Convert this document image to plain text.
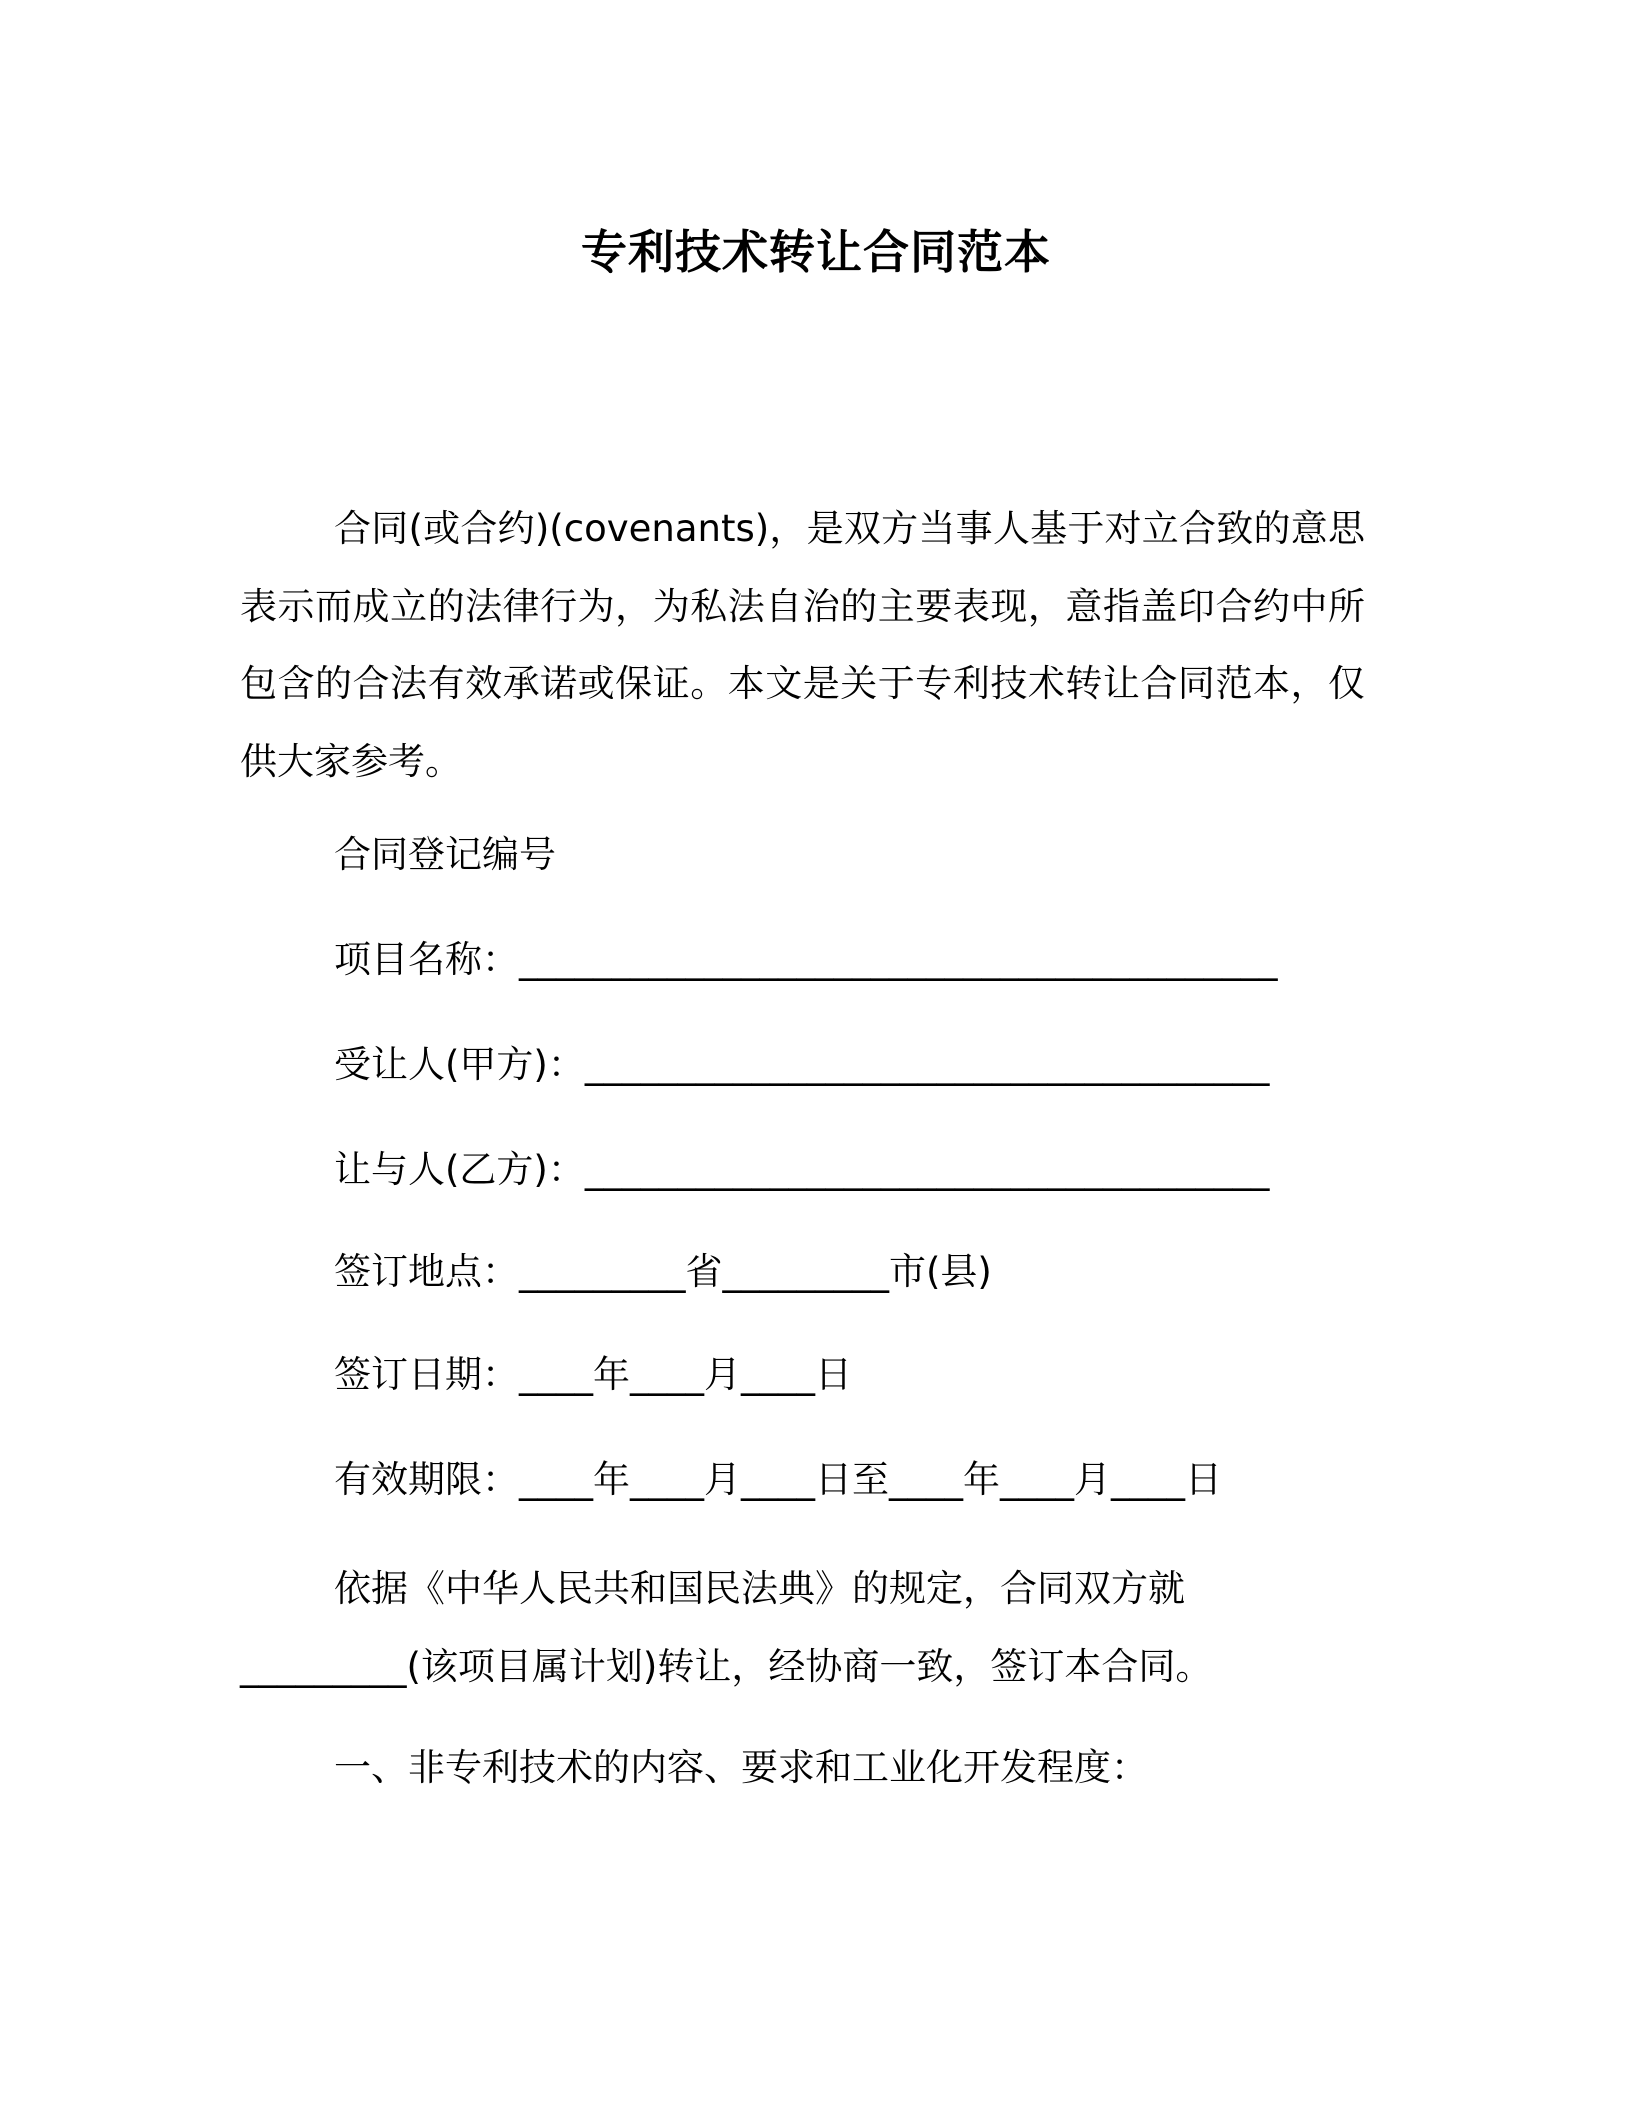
专利技术转让合同范本

合同(或合约)(covenants)，是双方当事人基于对立合致的意思表示而成立的法律行为，为私法自治的主要表现，意指盖印合约中所包含的合法有效承诺或保证。本文是关于专利技术转让合同范本，仅供大家参考。

合同登记编号

项目名称：_________________________________________

受让人(甲方)：_____________________________________

让与人(乙方)：_____________________________________

签订地点：_________省_________市(县)

签订日期：____年____月____日

有效期限：____年____月____日至____年____月____日

依据《中华人民共和国民法典》的规定，合同双方就_________(该项目属计划)转让，经协商一致，签订本合同。

一、非专利技术的内容、要求和工业化开发程度：
